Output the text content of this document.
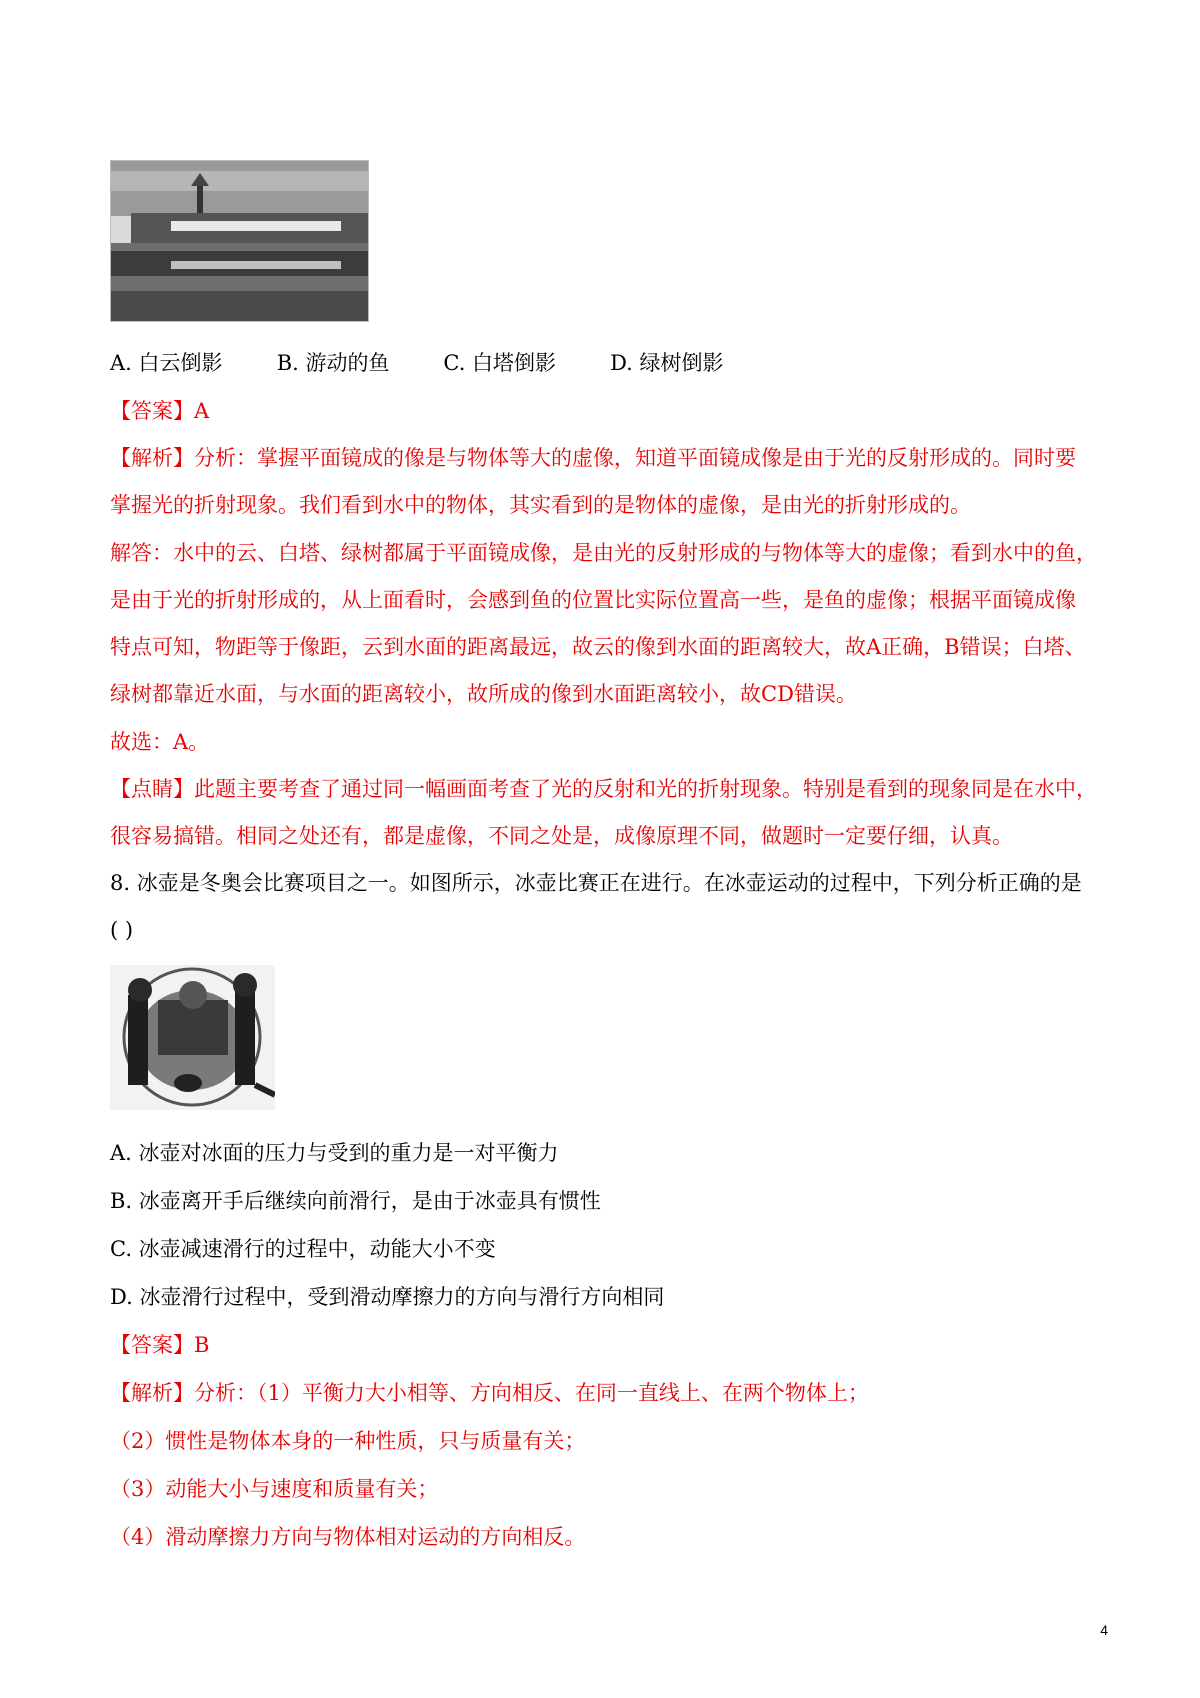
A. 白云倒影	B. 游动的鱼	C. 白塔倒影	D. 绿树倒影
【答案】A
【解析】分析：掌握平面镜成的像是与物体等大的虚像，知道平面镜成像是由于光的反射形成的。同时要
掌握光的折射现象。我们看到水中的物体，其实看到的是物体的虚像，是由光的折射形成的。
解答：水中的云、白塔、绿树都属于平面镜成像，是由光的反射形成的与物体等大的虚像；看到水中的鱼，
是由于光的折射形成的，从上面看时，会感到鱼的位置比实际位置高一些，是鱼的虚像；根据平面镜成像
特点可知，物距等于像距，云到水面的距离最远，故云的像到水面的距离较大，故A正确，B错误；白塔、
绿树都靠近水面，与水面的距离较小，故所成的像到水面距离较小，故CD错误。
故选：A。
【点睛】此题主要考查了通过同一幅画面考查了光的反射和光的折射现象。特别是看到的现象同是在水中，
很容易搞错。相同之处还有，都是虚像，不同之处是，成像原理不同，做题时一定要仔细，认真。
8. 冰壶是冬奥会比赛项目之一。如图所示，冰壶比赛正在进行。在冰壶运动的过程中，下列分析正确的是
( )
A. 冰壶对冰面的压力与受到的重力是一对平衡力
B. 冰壶离开手后继续向前滑行，是由于冰壶具有惯性
C. 冰壶减速滑行的过程中，动能大小不变
D. 冰壶滑行过程中，受到滑动摩擦力的方向与滑行方向相同
【答案】B
【解析】分析：（1）平衡力大小相等、方向相反、在同一直线上、在两个物体上；
（2）惯性是物体本身的一种性质，只与质量有关；
（3）动能大小与速度和质量有关；
（4）滑动摩擦力方向与物体相对运动的方向相反。
4
